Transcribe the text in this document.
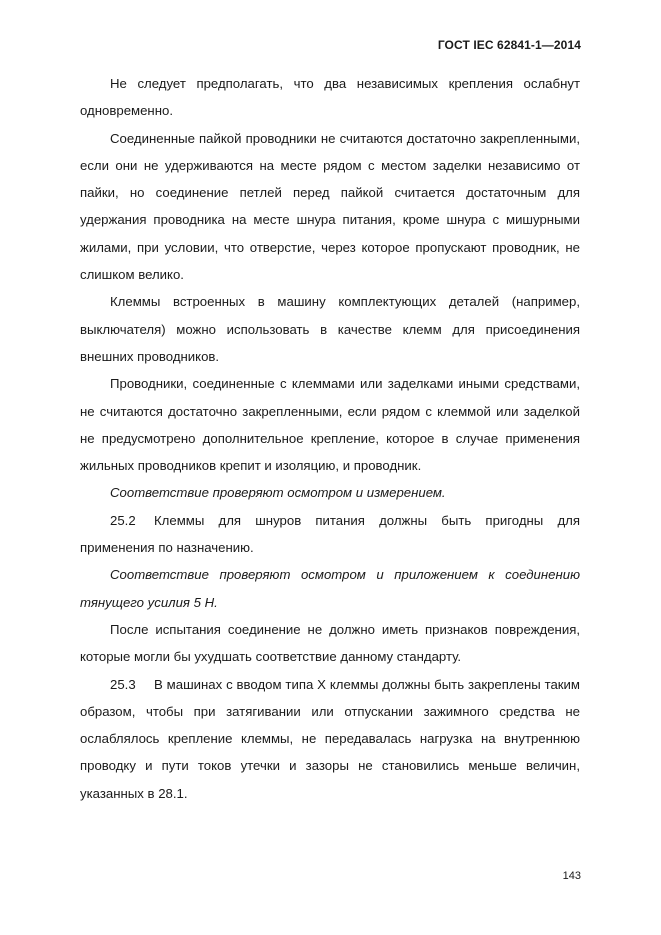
ГОСТ IEC 62841-1—2014

Не следует предполагать, что два независимых крепления ослабнут одновременно.

Соединенные пайкой проводники не считаются достаточно закрепленными, если они не удерживаются на месте рядом с местом заделки независимо от пайки, но соединение петлей перед пайкой считается достаточным для удержания проводника на месте шнура питания, кроме шнура с мишурными жилами, при условии, что отверстие, через которое пропускают проводник, не слишком велико.

Клеммы встроенных в машину комплектующих деталей (например, выключателя) можно использовать в качестве клемм для присоединения внешних проводников.

Проводники, соединенные с клеммами или заделками иными средствами, не считаются достаточно закрепленными, если рядом с клеммой или заделкой не предусмотрено дополнительное крепление, которое в случае применения жильных проводников крепит и изоляцию, и проводник.

Соответствие проверяют осмотром и измерением.

25.2 Клеммы для шнуров питания должны быть пригодны для применения по назначению.

Соответствие проверяют осмотром и приложением к соединению тянущего усилия 5 Н.

После испытания соединение не должно иметь признаков повреждения, которые могли бы ухудшать соответствие данному стандарту.

25.3 В машинах с вводом типа X клеммы должны быть закреплены таким образом, чтобы при затягивании или отпускании зажимного средства не ослаблялось крепление клеммы, не передавалась нагрузка на внутреннюю проводку и пути токов утечки и зазоры не становились меньше величин, указанных в 28.1.

143
